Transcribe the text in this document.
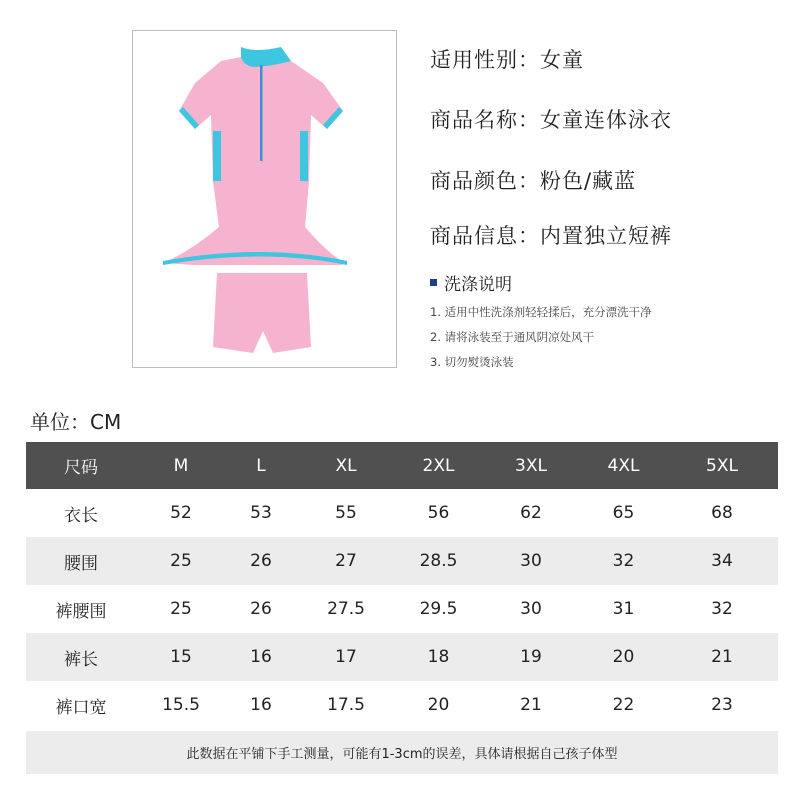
适用性别：女童
商品名称：女童连体泳衣
商品颜色：粉色/藏蓝
商品信息：内置独立短裤
洗涤说明
1. 适用中性洗涤剂轻轻揉后，充分漂洗干净
2. 请将泳装至于通风阴凉处风干
3. 切勿熨烫泳装
单位：CM
尺码	M	L	XL	2XL	3XL	4XL	5XL
衣长	52	53	55	56	62	65	68
腰围	25	26	27	28.5	30	32	34
裤腰围	25	26	27.5	29.5	30	31	32
裤长	15	16	17	18	19	20	21
裤口宽	15.5	16	17.5	20	21	22	23
此数据在平铺下手工测量，可能有1-3cm的误差，具体请根据自己孩子体型							
